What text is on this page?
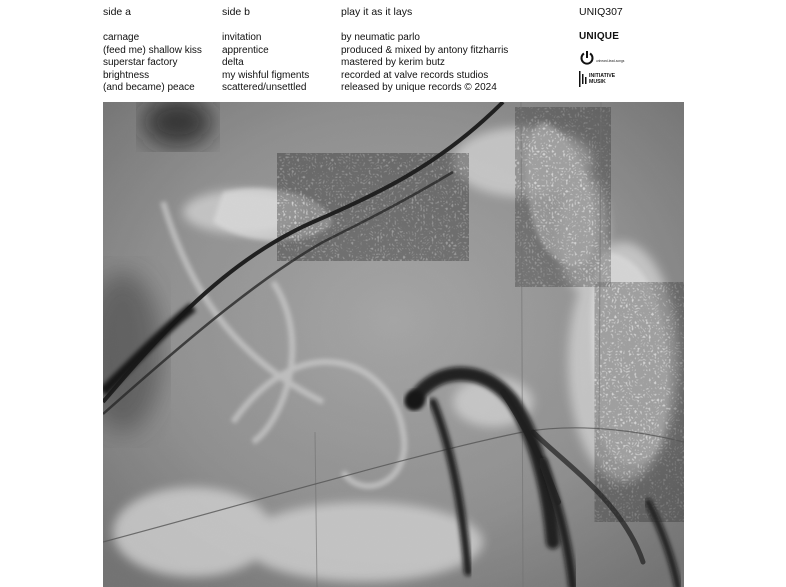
side a
carnage
(feed me) shallow kiss
superstar factory
brightness
(and became) peace
side b
invitation
apprentice
delta
my wishful figments
scattered/unsettled
play it as it lays
by neumatic parlo
produced & mixed by antony fitzharris
mastered by kerim butz
recorded at valve records studios
released by unique records © 2024
UNIQ307
UNIQUE
unheard-lead-songs
INITIATIVE
MUSIK
